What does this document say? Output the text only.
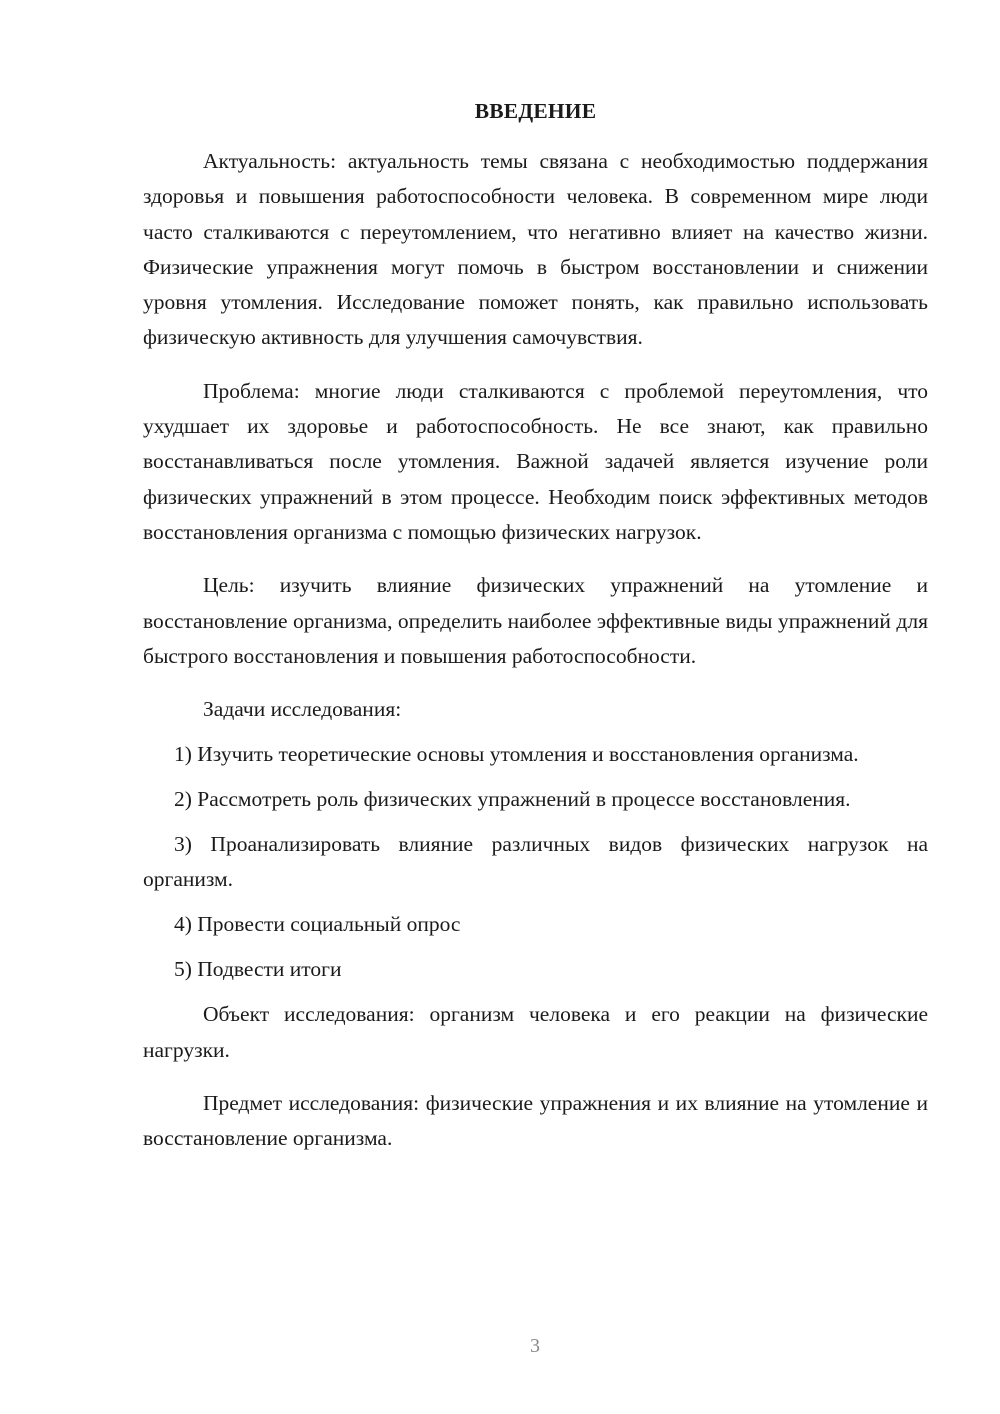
ВВЕДЕНИЕ

Актуальность: актуальность темы связана с необходимостью поддержания здоровья и повышения работоспособности человека. В современном мире люди часто сталкиваются с переутомлением, что негативно влияет на качество жизни. Физические упражнения могут помочь в быстром восстановлении и снижении уровня утомления. Исследование поможет понять, как правильно использовать физическую активность для улучшения самочувствия.

Проблема: многие люди сталкиваются с проблемой переутомления, что ухудшает их здоровье и работоспособность. Не все знают, как правильно восстанавливаться после утомления. Важной задачей является изучение роли физических упражнений в этом процессе. Необходим поиск эффективных методов восстановления организма с помощью физических нагрузок.

Цель: изучить влияние физических упражнений на утомление и восстановление организма, определить наиболее эффективные виды упражнений для быстрого восстановления и повышения работоспособности.

Задачи исследования:

1) Изучить теоретические основы утомления и восстановления организма.

2) Рассмотреть роль физических упражнений в процессе восстановления.

3) Проанализировать влияние различных видов физических нагрузок на организм.

4) Провести социальный опрос

5) Подвести итоги

Объект исследования: организм человека и его реакции на физические нагрузки.

Предмет исследования: физические упражнения и их влияние на утомление и восстановление организма.

3
